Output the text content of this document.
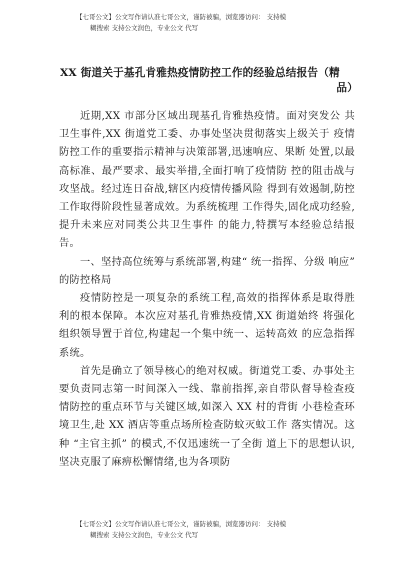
【七哥公文】公文写作请认准七哥公文，谨防被骗，浏览器访问： 支持模
糊搜索 支持公文润色，专业公文 代写
XX 街道关于基孔肯雅热疫情防控工作的经验总结报告（精
品）

近期,XX 市部分区域出现基孔肯雅热疫情。面对突发公 共卫生事件,XX 街道党工委、办事处坚决贯彻落实上级关于 疫情防控工作的重要指示精神与决策部署,迅速响应、果断 处置,以最高标准、最严要求、最实举措,全面打响了疫情防 控的阻击战与攻坚战。经过连日奋战,辖区内疫情传播风险 得到有效遏制,防控工作取得阶段性显著成效。为系统梳理 工作得失,固化成功经验,提升未来应对同类公共卫生事件 的能力,特撰写本经验总结报告。

一、坚持高位统筹与系统部署,构建“ 统一指挥、分级 响应” 的防控格局

疫情防控是一项复杂的系统工程,高效的指挥体系是取得胜利的根本保障。本次应对基孔肯雅热疫情,XX 街道始终 将强化组织领导置于首位,构建起一个集中统一、运转高效 的应急指挥系统。

首先是确立了领导核心的绝对权威。街道党工委、办事处主要负责同志第一时间深入一线、靠前指挥,亲自带队督导检查疫情防控的重点环节与关键区域,如深入 XX 村的背街 小巷检查环境卫生,赴 XX 酒店等重点场所检查防蚊灭蚊工作 落实情况。这种 “主官主抓” 的模式,不仅迅速统一了全街 道上下的思想认识,坚决克服了麻痹松懈情绪,也为各项防

【七哥公文】公文写作请认准七哥公文，谨防被骗，浏览器访问： 支持模
糊搜索 支持公文润色，专业公文 代写
